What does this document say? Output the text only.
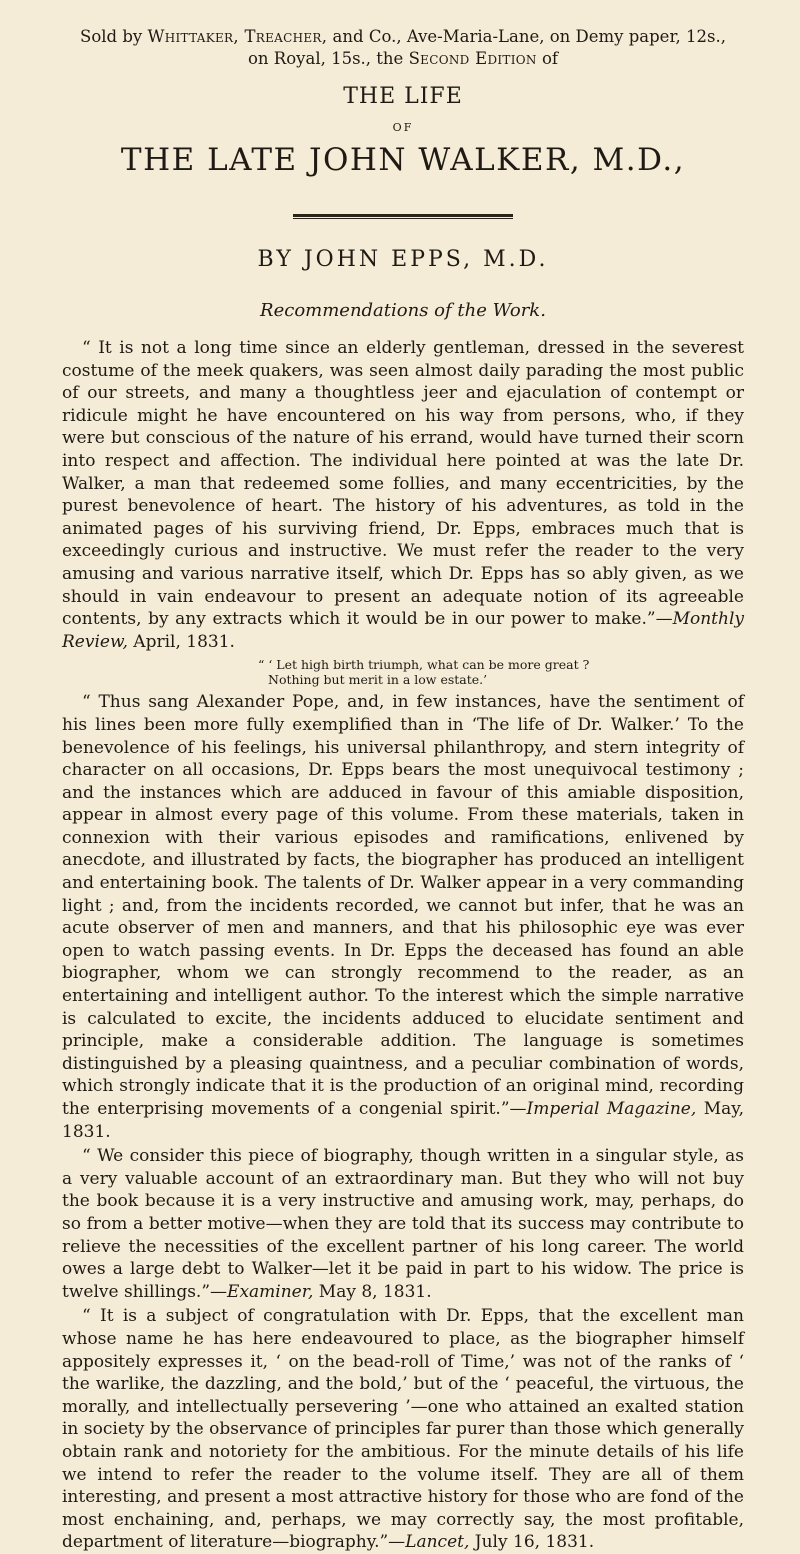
Sold by Whittaker, Treacher, and Co., Ave-Maria-Lane, on Demy paper, 12s.,
on Royal, 15s., the Second Edition of
THE LIFE
OF
THE LATE JOHN WALKER, M.D.,
BY JOHN EPPS, M.D.
Recommendations of the Work.

“ It is not a long time since an elderly gentleman, dressed in the severest costume of the meek quakers, was seen almost daily parading the most public of our streets, and many a thoughtless jeer and ejaculation of contempt or ridicule might he have encountered on his way from persons, who, if they were but conscious of the nature of his errand, would have turned their scorn into respect and affection. The individual here pointed at was the late Dr. Walker, a man that redeemed some follies, and many eccentricities, by the purest benevolence of heart. The history of his adventures, as told in the animated pages of his surviving friend, Dr. Epps, embraces much that is exceedingly curious and instructive. We must refer the reader to the very amusing and various narrative itself, which Dr. Epps has so ably given, as we should in vain endeavour to present an adequate notion of its agreeable contents, by any extracts which it would be in our power to make.”—Monthly Review, April, 1831.

“ ‘ Let high birth triumph, what can be more great ?
Nothing but merit in a low estate.’

“ Thus sang Alexander Pope, and, in few instances, have the sentiment of his lines been more fully exemplified than in ‘The life of Dr. Walker.’ To the benevolence of his feelings, his universal philanthropy, and stern integrity of character on all occasions, Dr. Epps bears the most unequivocal testimony ; and the instances which are adduced in favour of this amiable disposition, appear in almost every page of this volume. From these materials, taken in connexion with their various episodes and ramifications, enlivened by anecdote, and illustrated by facts, the biographer has produced an intelligent and entertaining book. The talents of Dr. Walker appear in a very commanding light ; and, from the incidents recorded, we cannot but infer, that he was an acute observer of men and manners, and that his philosophic eye was ever open to watch passing events. In Dr. Epps the deceased has found an able biographer, whom we can strongly recommend to the reader, as an entertaining and intelligent author. To the interest which the simple narrative is calculated to excite, the incidents adduced to elucidate sentiment and principle, make a considerable addition. The language is sometimes distinguished by a pleasing quaintness, and a peculiar combination of words, which strongly indicate that it is the production of an original mind, recording the enterprising movements of a congenial spirit.”—Imperial Magazine, May, 1831.

“ We consider this piece of biography, though written in a singular style, as a very valuable account of an extraordinary man. But they who will not buy the book because it is a very instructive and amusing work, may, perhaps, do so from a better motive—when they are told that its success may contribute to relieve the necessities of the excellent partner of his long career. The world owes a large debt to Walker—let it be paid in part to his widow. The price is twelve shillings.”—Examiner, May 8, 1831.

“ It is a subject of congratulation with Dr. Epps, that the excellent man whose name he has here endeavoured to place, as the biographer himself appositely expresses it, ‘ on the bead-roll of Time,’ was not of the ranks of ‘ the warlike, the dazzling, and the bold,’ but of the ‘ peaceful, the virtuous, the morally, and intellectually persevering ’—one who attained an exalted station in society by the observance of principles far purer than those which generally obtain rank and notoriety for the ambitious. For the minute details of his life we intend to refer the reader to the volume itself. They are all of them interesting, and present a most attractive history for those who are fond of the most enchaining, and, perhaps, we may correctly say, the most profitable, department of literature—biography.”—Lancet, July 16, 1831.
